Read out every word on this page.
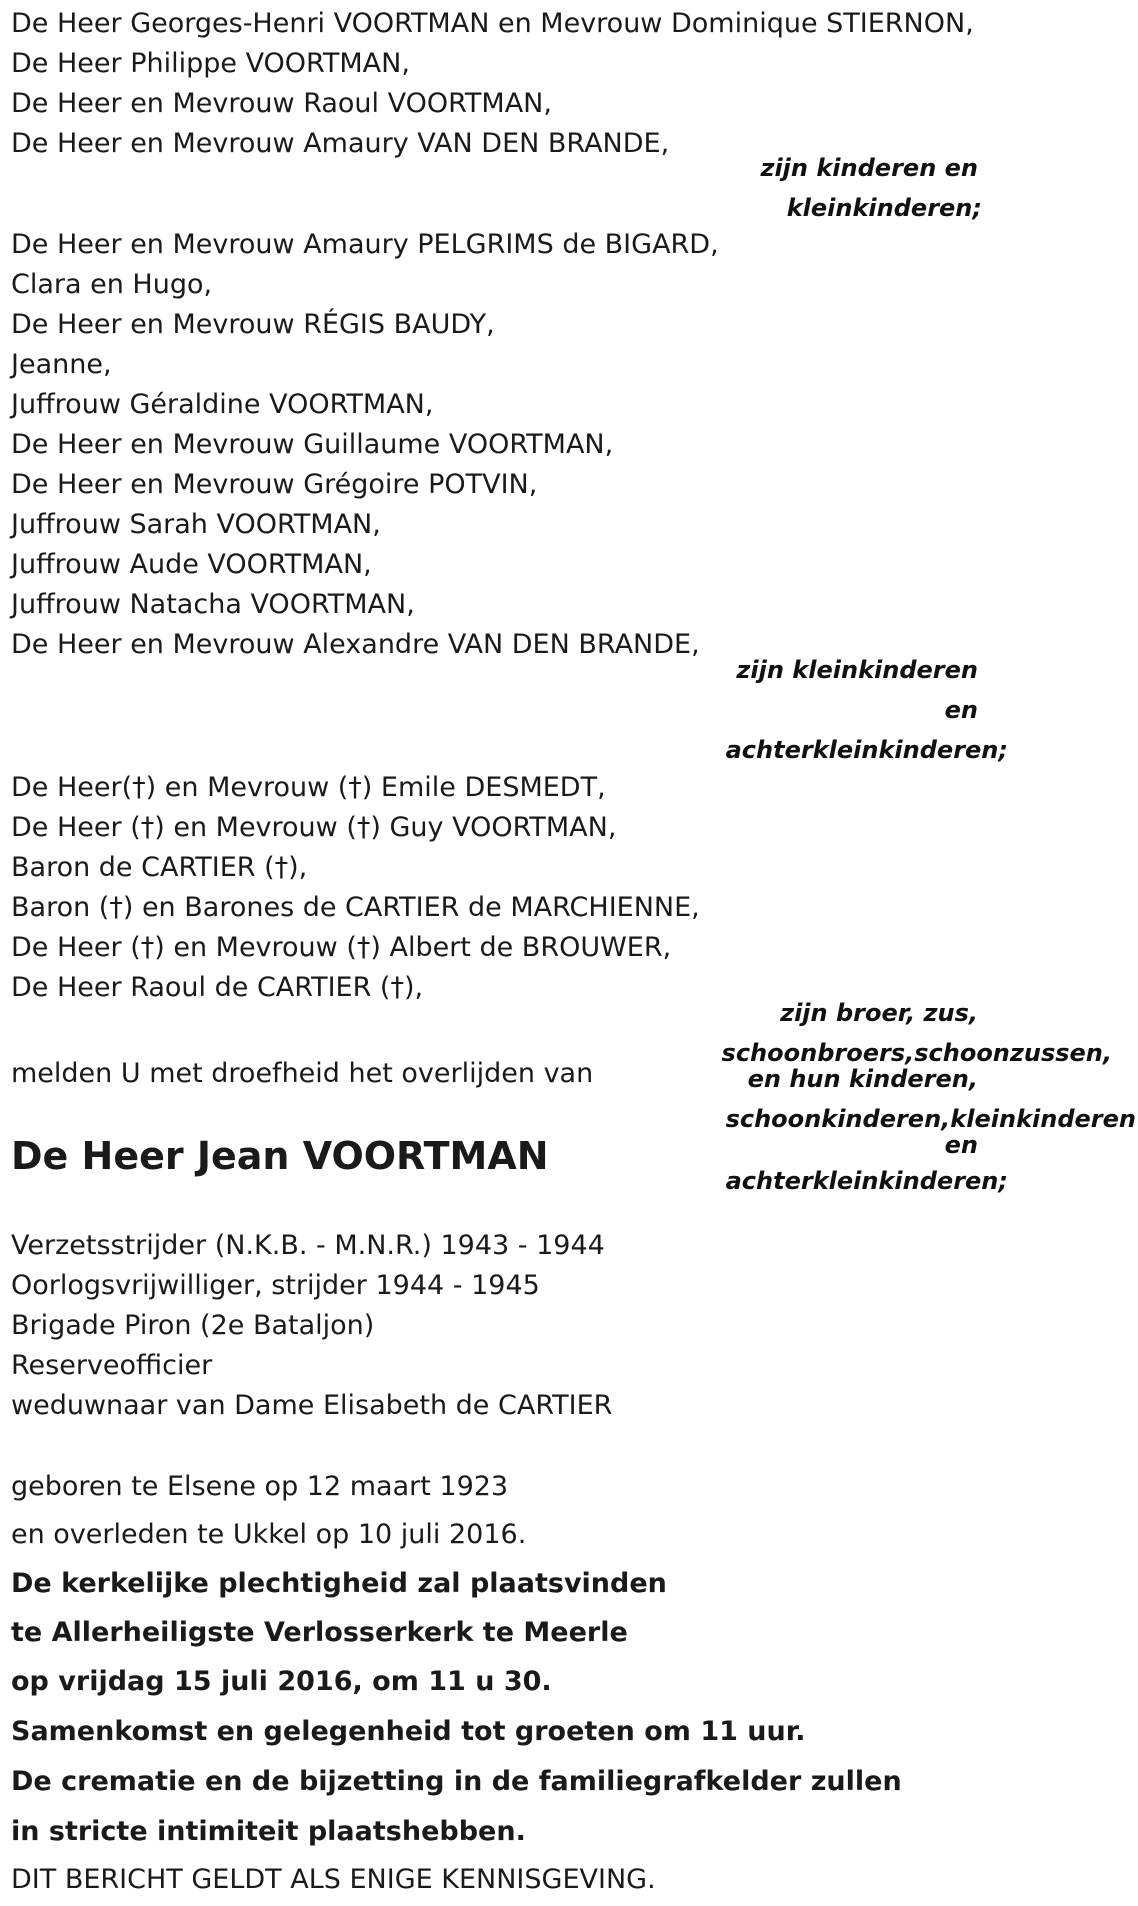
De Heer Georges-Henri VOORTMAN en Mevrouw Dominique STIERNON,
De Heer Philippe VOORTMAN,
De Heer en Mevrouw Raoul VOORTMAN,
De Heer en Mevrouw Amaury VAN DEN BRANDE,
zijn kinderen en
kleinkinderen;
De Heer en Mevrouw Amaury PELGRIMS de BIGARD,
Clara en Hugo,
De Heer en Mevrouw RÉGIS BAUDY,
Jeanne,
Juffrouw Géraldine VOORTMAN,
De Heer en Mevrouw Guillaume VOORTMAN,
De Heer en Mevrouw Grégoire POTVIN,
Juffrouw Sarah VOORTMAN,
Juffrouw Aude VOORTMAN,
Juffrouw Natacha VOORTMAN,
De Heer en Mevrouw Alexandre VAN DEN BRANDE,
zijn kleinkinderen
en
achterkleinkinderen;
De Heer(†) en Mevrouw (†) Emile DESMEDT,
De Heer (†) en Mevrouw (†) Guy VOORTMAN,
Baron de CARTIER (†),
Baron (†) en Barones de CARTIER de MARCHIENNE,
De Heer (†) en Mevrouw (†) Albert de BROUWER,
De Heer Raoul de CARTIER (†),
zijn broer, zus,
schoonbroers,schoonzussen,
en hun kinderen,
schoonkinderen,kleinkinderen
en
achterkleinkinderen;
melden U met droefheid het overlijden van
De Heer Jean VOORTMAN
Verzetsstrijder (N.K.B. - M.N.R.) 1943 - 1944
Oorlogsvrijwilliger, strijder 1944 - 1945
Brigade Piron (2e Bataljon)
Reserveofficier
weduwnaar van Dame Elisabeth de CARTIER
geboren te Elsene op 12 maart 1923
en overleden te Ukkel op 10 juli 2016.
De kerkelijke plechtigheid zal plaatsvinden
te Allerheiligste Verlosserkerk te Meerle
op vrijdag 15 juli 2016, om 11 u 30.
Samenkomst en gelegenheid tot groeten om 11 uur.
De crematie en de bijzetting in de familiegrafkelder zullen
in stricte intimiteit plaatshebben.
DIT BERICHT GELDT ALS ENIGE KENNISGEVING.
